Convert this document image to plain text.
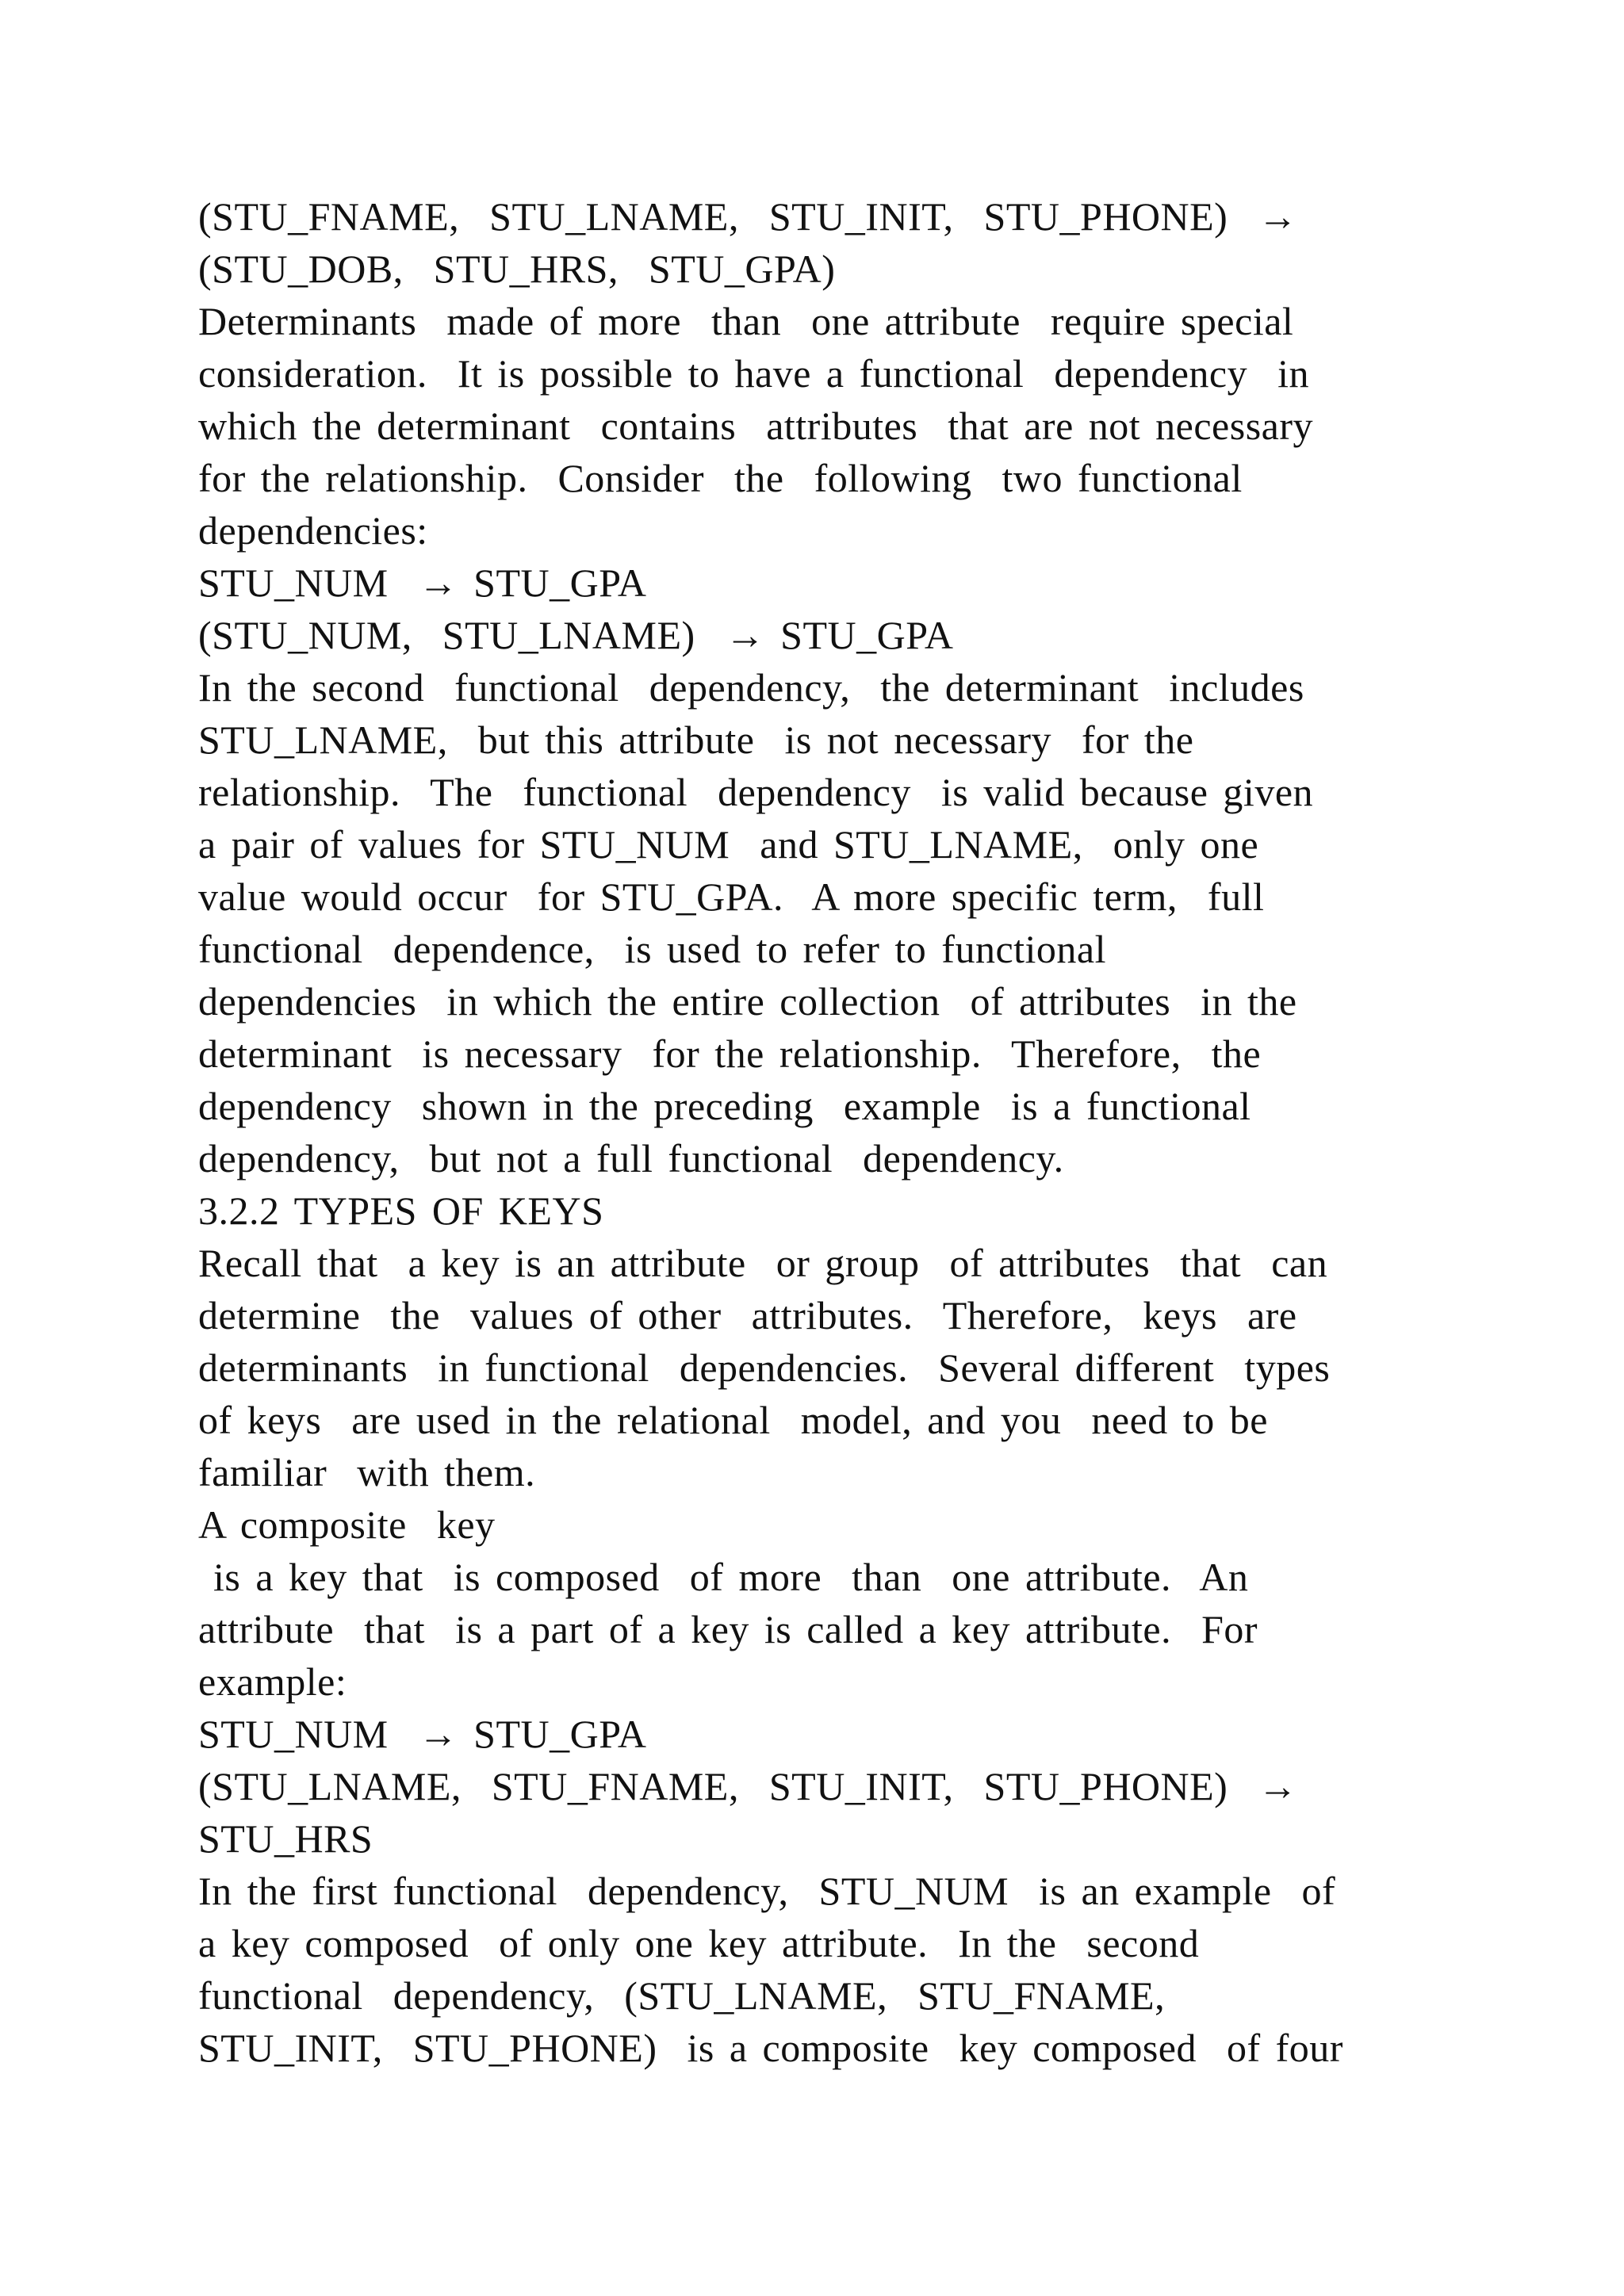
(STU_FNAME,  STU_LNAME,  STU_INIT,  STU_PHONE)  →
(STU_DOB,  STU_HRS,  STU_GPA)
Determinants  made of more  than  one attribute  require special
consideration.  It is possible to have a functional  dependency  in
which the determinant  contains  attributes  that are not necessary
for the relationship.  Consider  the  following  two functional
dependencies:
STU_NUM  → STU_GPA
(STU_NUM,  STU_LNAME)  → STU_GPA
In the second  functional  dependency,  the determinant  includes
STU_LNAME,  but this attribute  is not necessary  for the
relationship.  The  functional  dependency  is valid because given
a pair of values for STU_NUM  and STU_LNAME,  only one
value would occur  for STU_GPA.  A more specific term,  full
functional  dependence,  is used to refer to functional
dependencies  in which the entire collection  of attributes  in the
determinant  is necessary  for the relationship.  Therefore,  the
dependency  shown in the preceding  example  is a functional
dependency,  but not a full functional  dependency.
3.2.2 TYPES OF KEYS
Recall that  a key is an attribute  or group  of attributes  that  can
determine  the  values of other  attributes.  Therefore,  keys  are
determinants  in functional  dependencies.  Several different  types
of keys  are used in the relational  model, and you  need to be
familiar  with them.
A composite  key
is a key that  is composed  of more  than  one attribute.  An
attribute  that  is a part of a key is called a key attribute.  For
example:
STU_NUM  → STU_GPA
(STU_LNAME,  STU_FNAME,  STU_INIT,  STU_PHONE)  →
STU_HRS
In the first functional  dependency,  STU_NUM  is an example  of
a key composed  of only one key attribute.  In the  second
functional  dependency,  (STU_LNAME,  STU_FNAME,
STU_INIT,  STU_PHONE)  is a composite  key composed  of four
